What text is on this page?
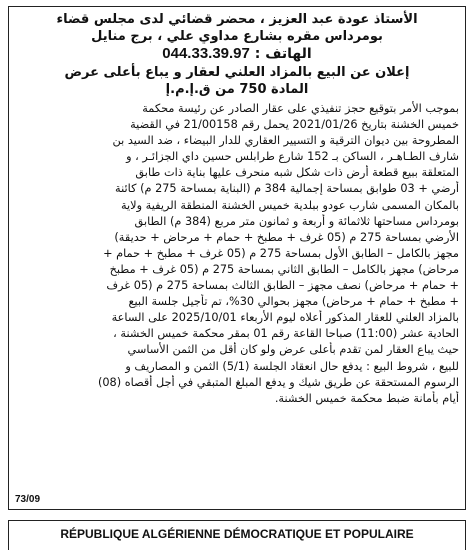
الأستاذ عودة عبد العزيز ، محضر قضائي لدى مجلس قضاء
بومرداس مقره بشارع مداوي علي ، برج منايل
الهاتف : 044.33.39.97
إعلان عن البيع بالمزاد العلني لعقار و يباع بأعلى عرض
المادة 750 من ق.إ.م.إ
بموجب الأمر بتوقيع حجز تنفيذي على عقار الصادر عن رئيسة محكمة
خميس الخشنة بتاريخ 2021/01/26 يحمل رقم 21/00158 في القضية
المطروحة بين ديوان الترقية و التسيير العقاري للدار البيضاء ، ضد السيد بن
شارف الطـاهـر ، الساكن بـ 152 شارع طرابلس حسين داي الجزائـر ، و
المتعلقة ببيع قطعة أرض ذات شكل شبه منحرف عليها بناية ذات طابق
أرضي + 03 طوابق بمساحة إجمالية 384 م (البناية بمساحة 275 م) كائنة
بالمكان المسمى شارب عودو ببلدية خميس الخشنة المنطقة الريفية ولاية
بومرداس مساحتها ثلاثمائة و أربعة و ثمانون متر مربع (384 م) الطابق
الأرضي بمساحة 275 م (05 غرف + مطبخ + حمام + مرحاض + حديقة)
مجهز بالكامل – الطابق الأول بمساحة 275 م (05 غرف + مطبخ + حمام +
مرحاض) مجهز بالكامل – الطابق الثاني بمساحة 275 م (05 غرف + مطبخ
+ حمام + مرحاض) نصف مجهز – الطابق الثالث بمساحة 275 م (05 غرف
+ مطبخ + حمام + مرحاض) مجهز بحوالي 30%، تم تأجيل جلسة البيع
بالمزاد العلني للعقار المذكور أعلاه ليوم الأربعاء 2025/10/01 على الساعة
الحادية عشر (11:00) صباحا القاعة رقم 01 بمقر محكمة خميس الخشنة ،
حيث يباع العقار لمن تقدم بأعلى عرض ولو كان أقل من الثمن الأساسي
للبيع ، شروط البيع : يدفع حال انعقاد الجلسة (5/1) الثمن و المصاريف و
الرسوم المستحقة عن طريق شيك و يدفع المبلغ المتبقي في أجل أقصاه (08)
أيام بأمانة ضبط محكمة خميس الخشنة.
73/09
RÉPUBLIQUE ALGÉRIENNE DÉMOCRATIQUE ET POPULAIRE
